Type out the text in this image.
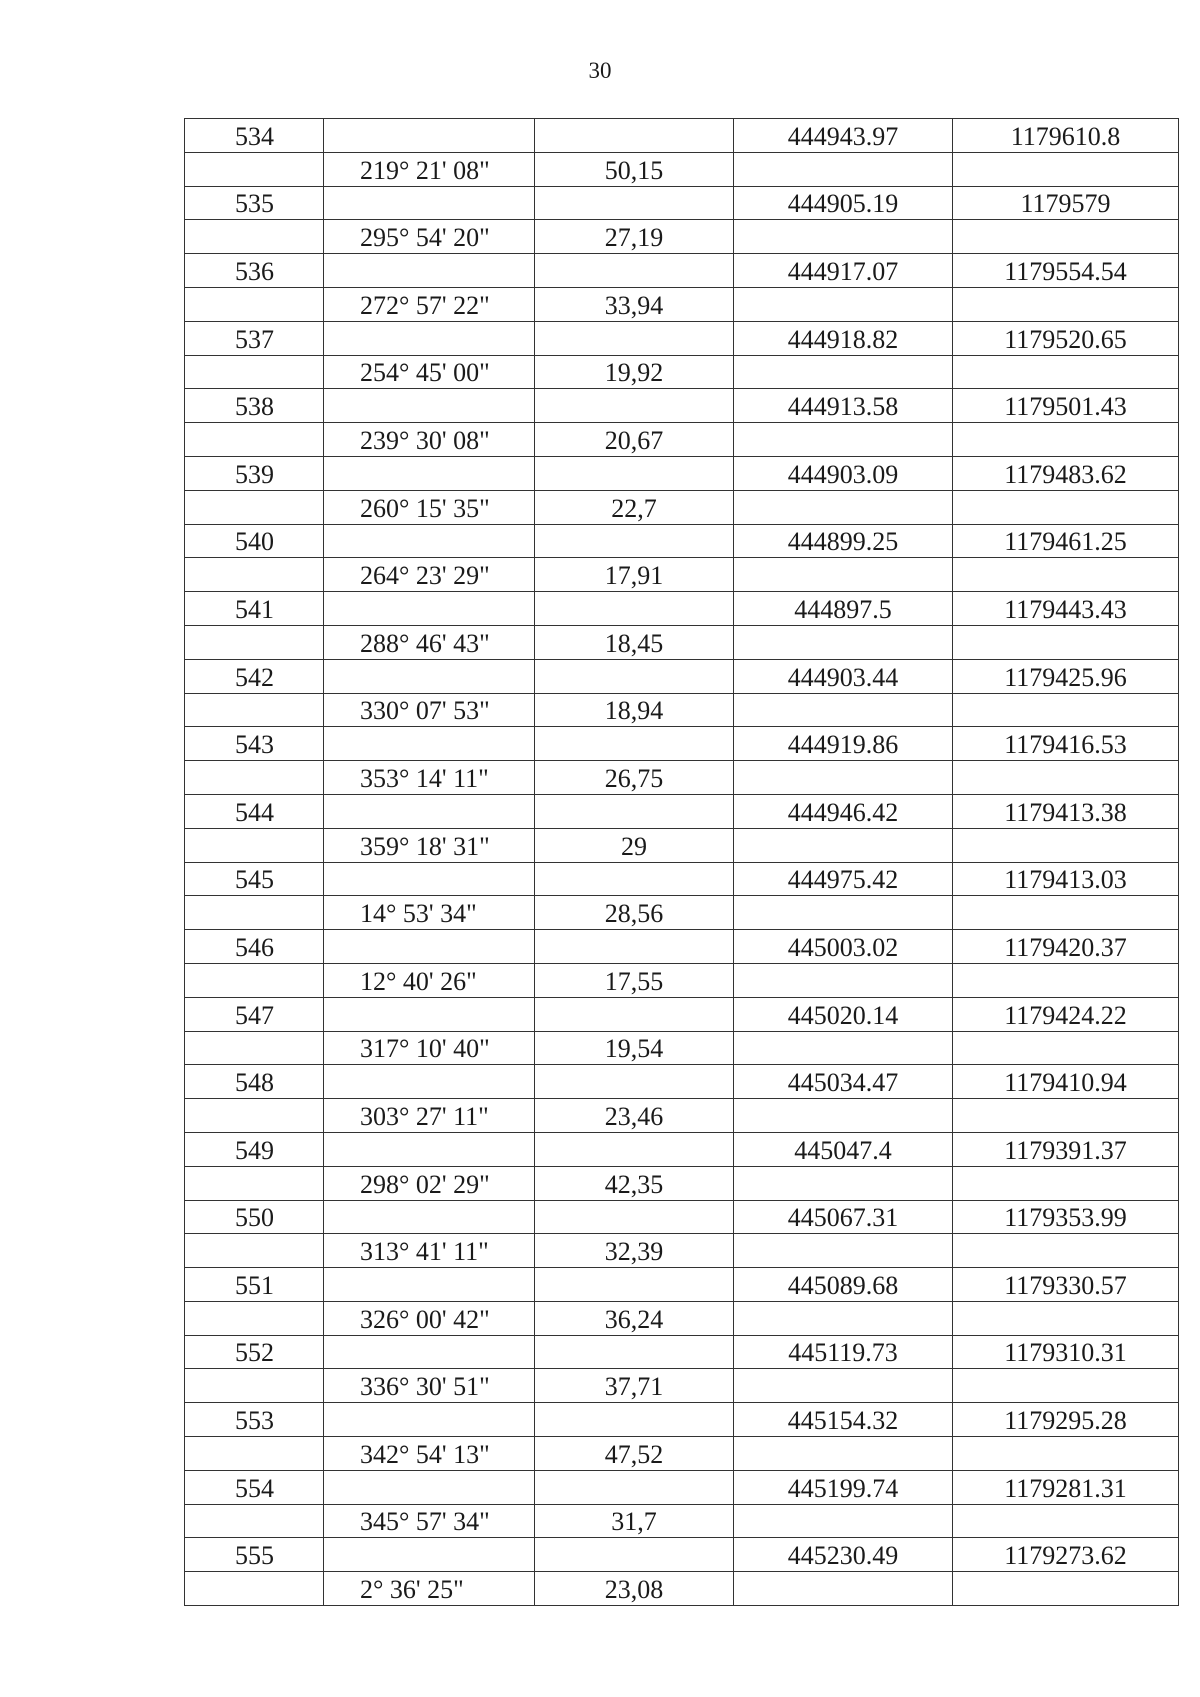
30
534			444943.97	1179610.8
	219° 21' 08"	50,15		
535			444905.19	1179579
	295° 54' 20"	27,19		
536			444917.07	1179554.54
	272° 57' 22"	33,94		
537			444918.82	1179520.65
	254° 45' 00"	19,92		
538			444913.58	1179501.43
	239° 30' 08"	20,67		
539			444903.09	1179483.62
	260° 15' 35"	22,7		
540			444899.25	1179461.25
	264° 23' 29"	17,91		
541			444897.5	1179443.43
	288° 46' 43"	18,45		
542			444903.44	1179425.96
	330° 07' 53"	18,94		
543			444919.86	1179416.53
	353° 14' 11"	26,75		
544			444946.42	1179413.38
	359° 18' 31"	29		
545			444975.42	1179413.03
	14° 53' 34"	28,56		
546			445003.02	1179420.37
	12° 40' 26"	17,55		
547			445020.14	1179424.22
	317° 10' 40"	19,54		
548			445034.47	1179410.94
	303° 27' 11"	23,46		
549			445047.4	1179391.37
	298° 02' 29"	42,35		
550			445067.31	1179353.99
	313° 41' 11"	32,39		
551			445089.68	1179330.57
	326° 00' 42"	36,24		
552			445119.73	1179310.31
	336° 30' 51"	37,71		
553			445154.32	1179295.28
	342° 54' 13"	47,52		
554			445199.74	1179281.31
	345° 57' 34"	31,7		
555			445230.49	1179273.62
	2° 36' 25"	23,08		
